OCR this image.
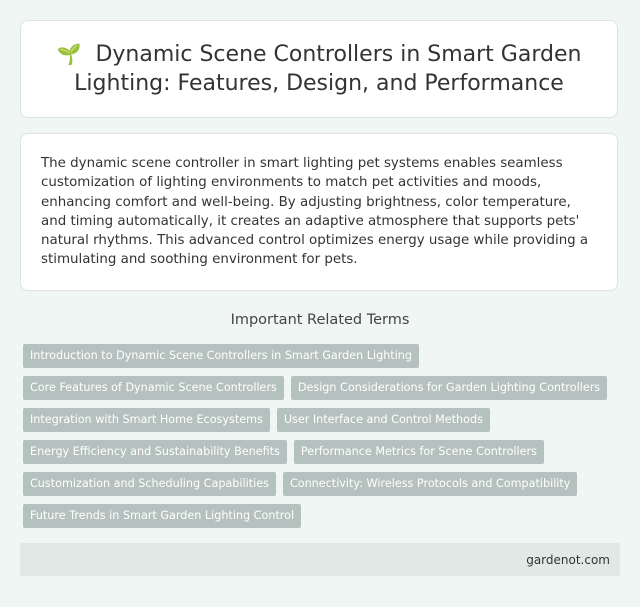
🌱 Dynamic Scene Controllers in Smart Garden Lighting: Features, Design, and Performance

The dynamic scene controller in smart lighting pet systems enables seamless customization of lighting environments to match pet activities and moods, enhancing comfort and well-being. By adjusting brightness, color temperature, and timing automatically, it creates an adaptive atmosphere that supports pets' natural rhythms. This advanced control optimizes energy usage while providing a stimulating and soothing environment for pets.

Important Related Terms
Introduction to Dynamic Scene Controllers in Smart Garden Lighting
Core Features of Dynamic Scene Controllers	Design Considerations for Garden Lighting Controllers
Integration with Smart Home Ecosystems	User Interface and Control Methods
Energy Efficiency and Sustainability Benefits	Performance Metrics for Scene Controllers
Customization and Scheduling Capabilities	Connectivity: Wireless Protocols and Compatibility
Future Trends in Smart Garden Lighting Control
gardenot.com
